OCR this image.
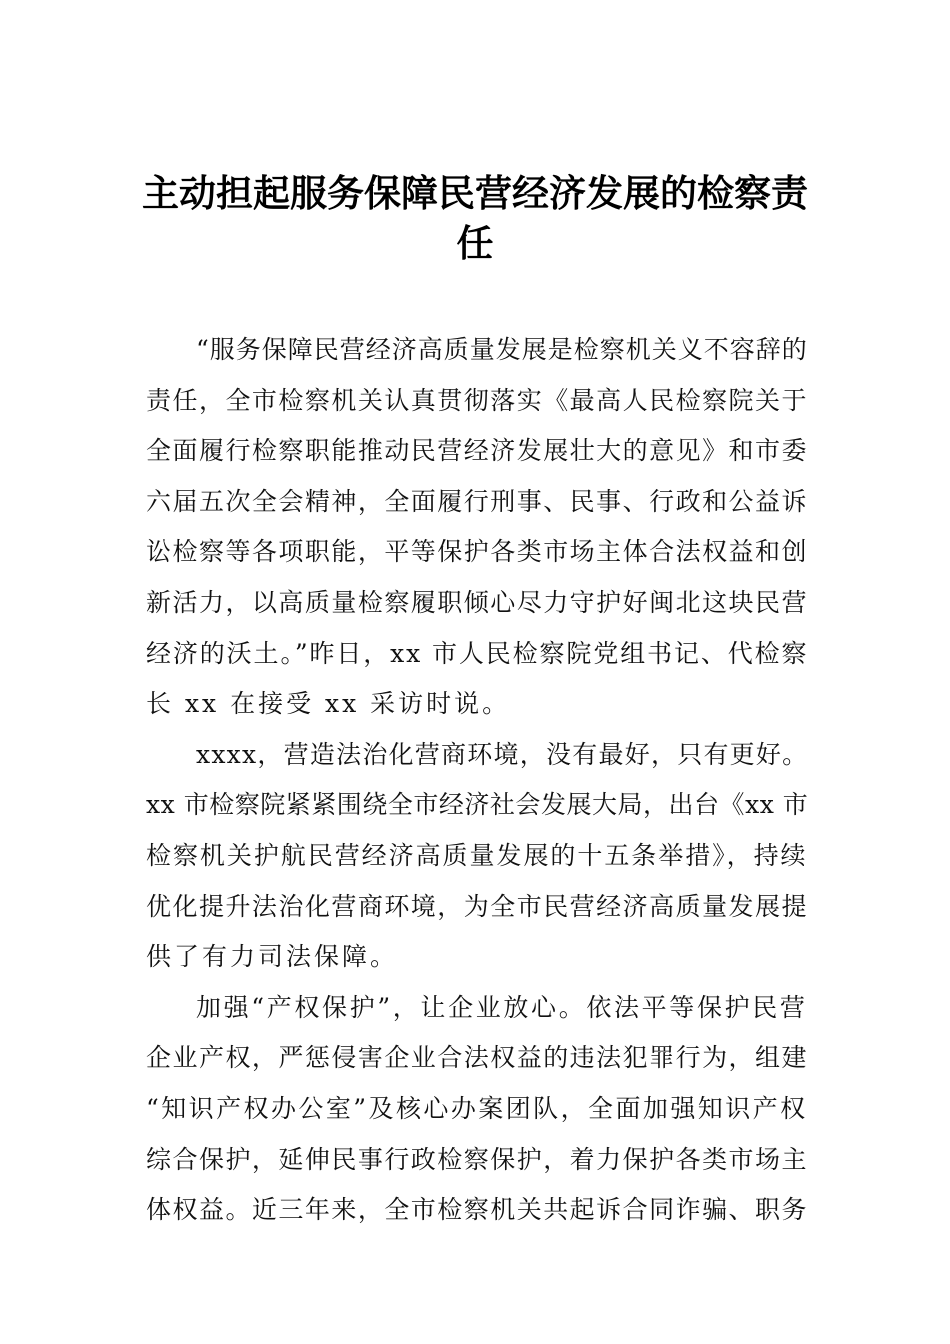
主动担起服务保障民营经济发展的检察责
任
“服务保障民营经济高质量发展是检察机关义不容辞的
责任，全市检察机关认真贯彻落实《最高人民检察院关于
全面履行检察职能推动民营经济发展壮大的意见》和市委
六届五次全会精神，全面履行刑事、民事、行政和公益诉
讼检察等各项职能，平等保护各类市场主体合法权益和创
新活力，以高质量检察履职倾心尽力守护好闽北这块民营
经济的沃土。”昨日，xx 市人民检察院党组书记、代检察
长 xx 在接受 xx 采访时说。
xxxx，营造法治化营商环境，没有最好，只有更好。
xx 市检察院紧紧围绕全市经济社会发展大局，出台《xx 市
检察机关护航民营经济高质量发展的十五条举措》，持续
优化提升法治化营商环境，为全市民营经济高质量发展提
供了有力司法保障。
加强“产权保护”，让企业放心。依法平等保护民营
企业产权，严惩侵害企业合法权益的违法犯罪行为，组建
“知识产权办公室”及核心办案团队，全面加强知识产权
综合保护，延伸民事行政检察保护，着力保护各类市场主
体权益。近三年来，全市检察机关共起诉合同诈骗、职务
